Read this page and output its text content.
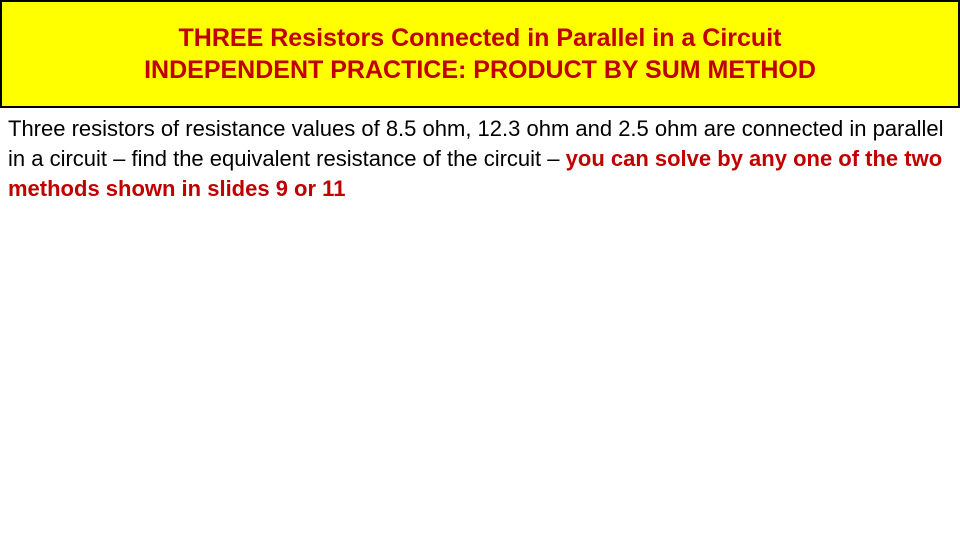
THREE Resistors Connected in Parallel in a Circuit
INDEPENDENT PRACTICE: PRODUCT BY SUM METHOD
Three resistors of resistance values of 8.5 ohm, 12.3 ohm and 2.5 ohm are connected in parallel in a circuit – find the equivalent resistance of the circuit – you can solve by any one of the two methods shown in slides 9 or 11
